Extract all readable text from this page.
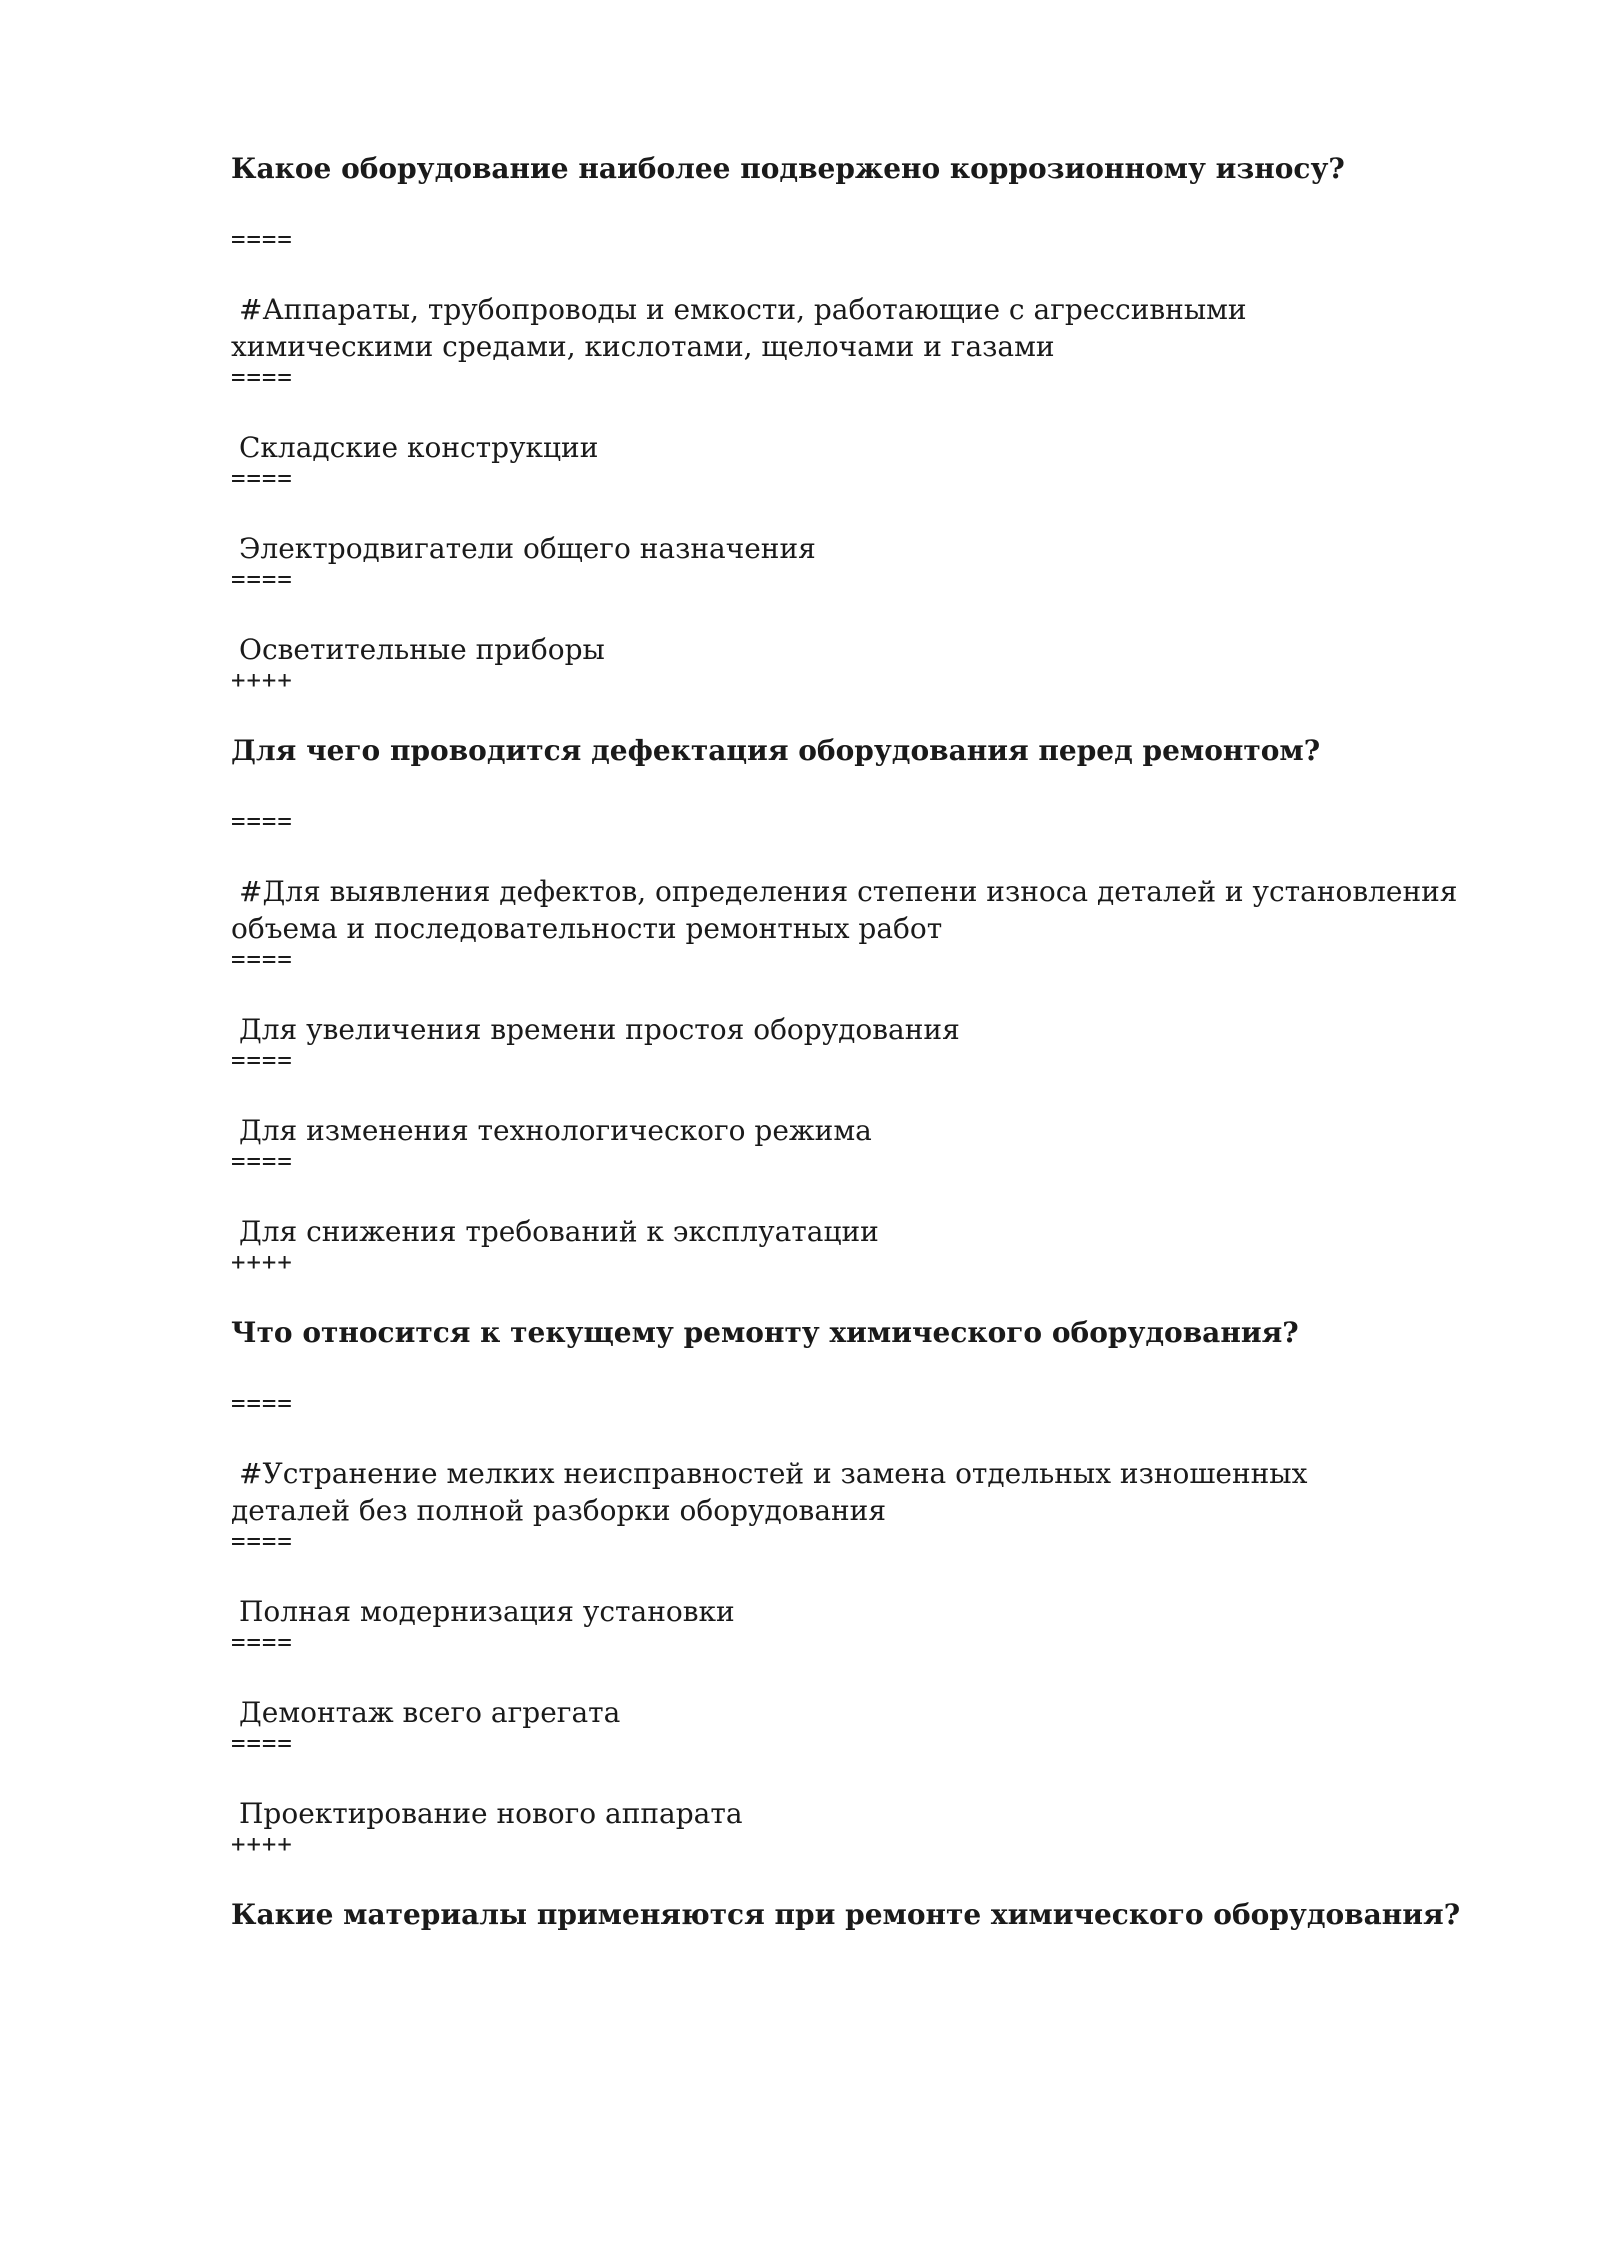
Какое оборудование наиболее подвержено коррозионному износу?

====

#Аппараты, трубопроводы и емкости, работающие с агрессивными химическими средами, кислотами, щелочами и газами

====

Складские конструкции

====

Электродвигатели общего назначения

====

Осветительные приборы

++++

Для чего проводится дефектация оборудования перед ремонтом?

====

#Для выявления дефектов, определения степени износа деталей и установления объема и последовательности ремонтных работ

====

Для увеличения времени простоя оборудования

====

Для изменения технологического режима

====

Для снижения требований к эксплуатации

++++

Что относится к текущему ремонту химического оборудования?

====

#Устранение мелких неисправностей и замена отдельных изношенных деталей без полной разборки оборудования

====

Полная модернизация установки

====

Демонтаж всего агрегата

====

Проектирование нового аппарата

++++

Какие материалы применяются при ремонте химического оборудования?
